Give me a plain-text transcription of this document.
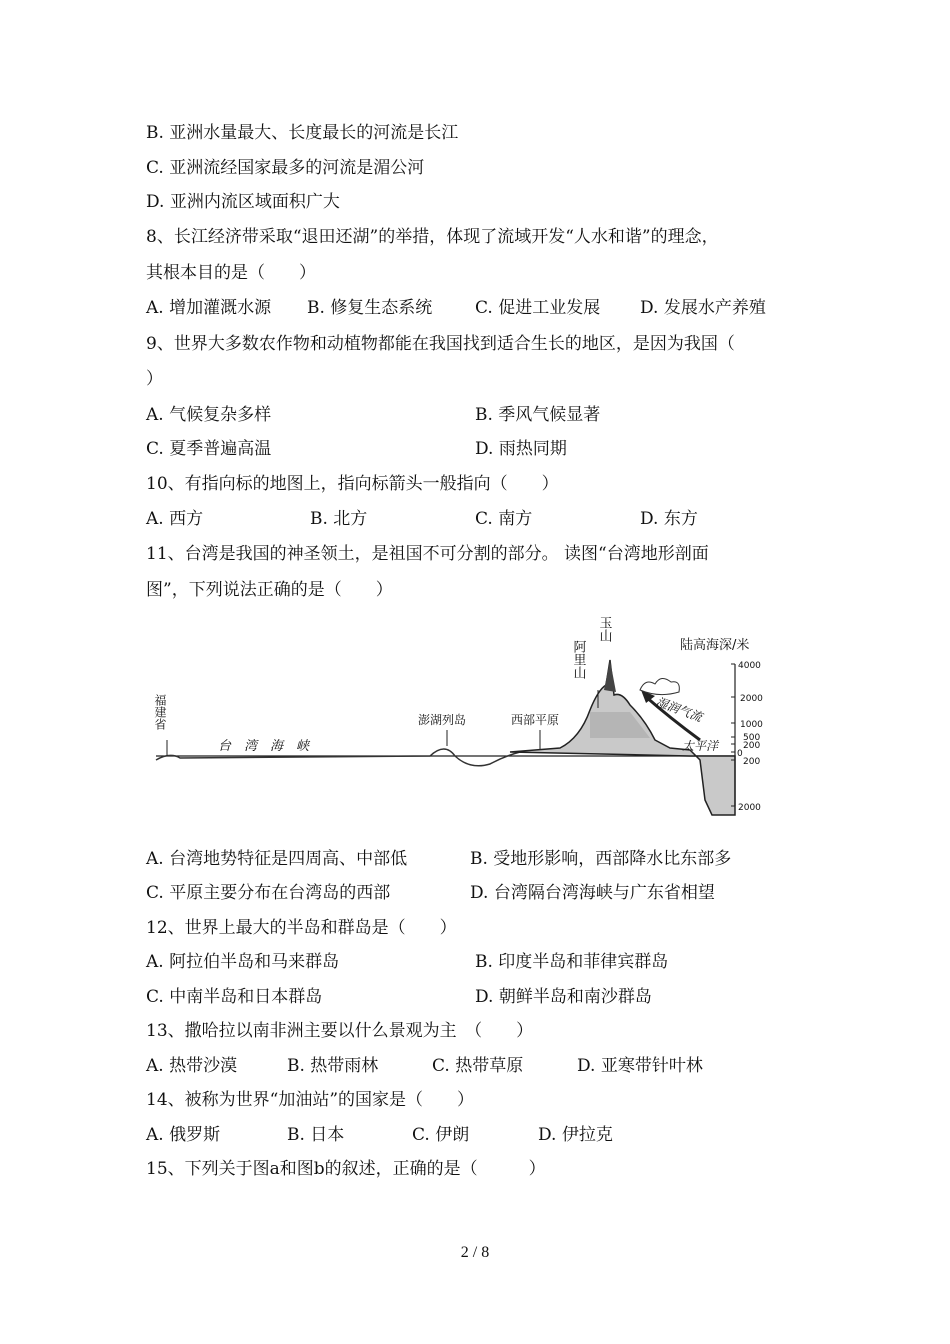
B. 亚洲水量最大、长度最长的河流是长江
C. 亚洲流经国家最多的河流是湄公河
D. 亚洲内流区域面积广大
8、长江经济带采取“退田还湖”的举措，体现了流域开发“人水和谐”的理念，
其根本目的是（　　）
A. 增加灌溉水源 B. 修复生态系统	C. 促进工业发展 D. 发展水产养殖
9、世界大多数农作物和动植物都能在我国找到适合生长的地区，是因为我国（
）
A. 气候复杂多样	B. 季风气候显著
C. 夏季普遍高温	D. 雨热同期
10、有指向标的地图上，指向标箭头一般指向（　　）
A. 西方	B. 北方	C. 南方	D. 东方
11、台湾是我国的神圣领土，是祖国不可分割的部分。 读图“台湾地形剖面
图”，下列说法正确的是（　　）
4000
2000
1000
500
200
0
200
2000
陆高海深/米
福建省
阿里山
玉山
台　湾　海　峡
澎湖列岛	西部平原	湿润气流
太平洋
A. 台湾地势特征是四周高、中部低	B. 受地形影响，西部降水比东部多
C. 平原主要分布在台湾岛的西部	D. 台湾隔台湾海峡与广东省相望
12、世界上最大的半岛和群岛是（　　）
A. 阿拉伯半岛和马来群岛	B. 印度半岛和菲律宾群岛
C. 中南半岛和日本群岛	D. 朝鲜半岛和南沙群岛
13、撒哈拉以南非洲主要以什么景观为主　（　　）
A. 热带沙漠	B. 热带雨林	C. 热带草原	D. 亚寒带针叶林
14、被称为世界“加油站”的国家是（　　）
A. 俄罗斯	B. 日本	C. 伊朗	D. 伊拉克
15、下列关于图a和图b的叙述，正确的是（　　　）
2 / 8
